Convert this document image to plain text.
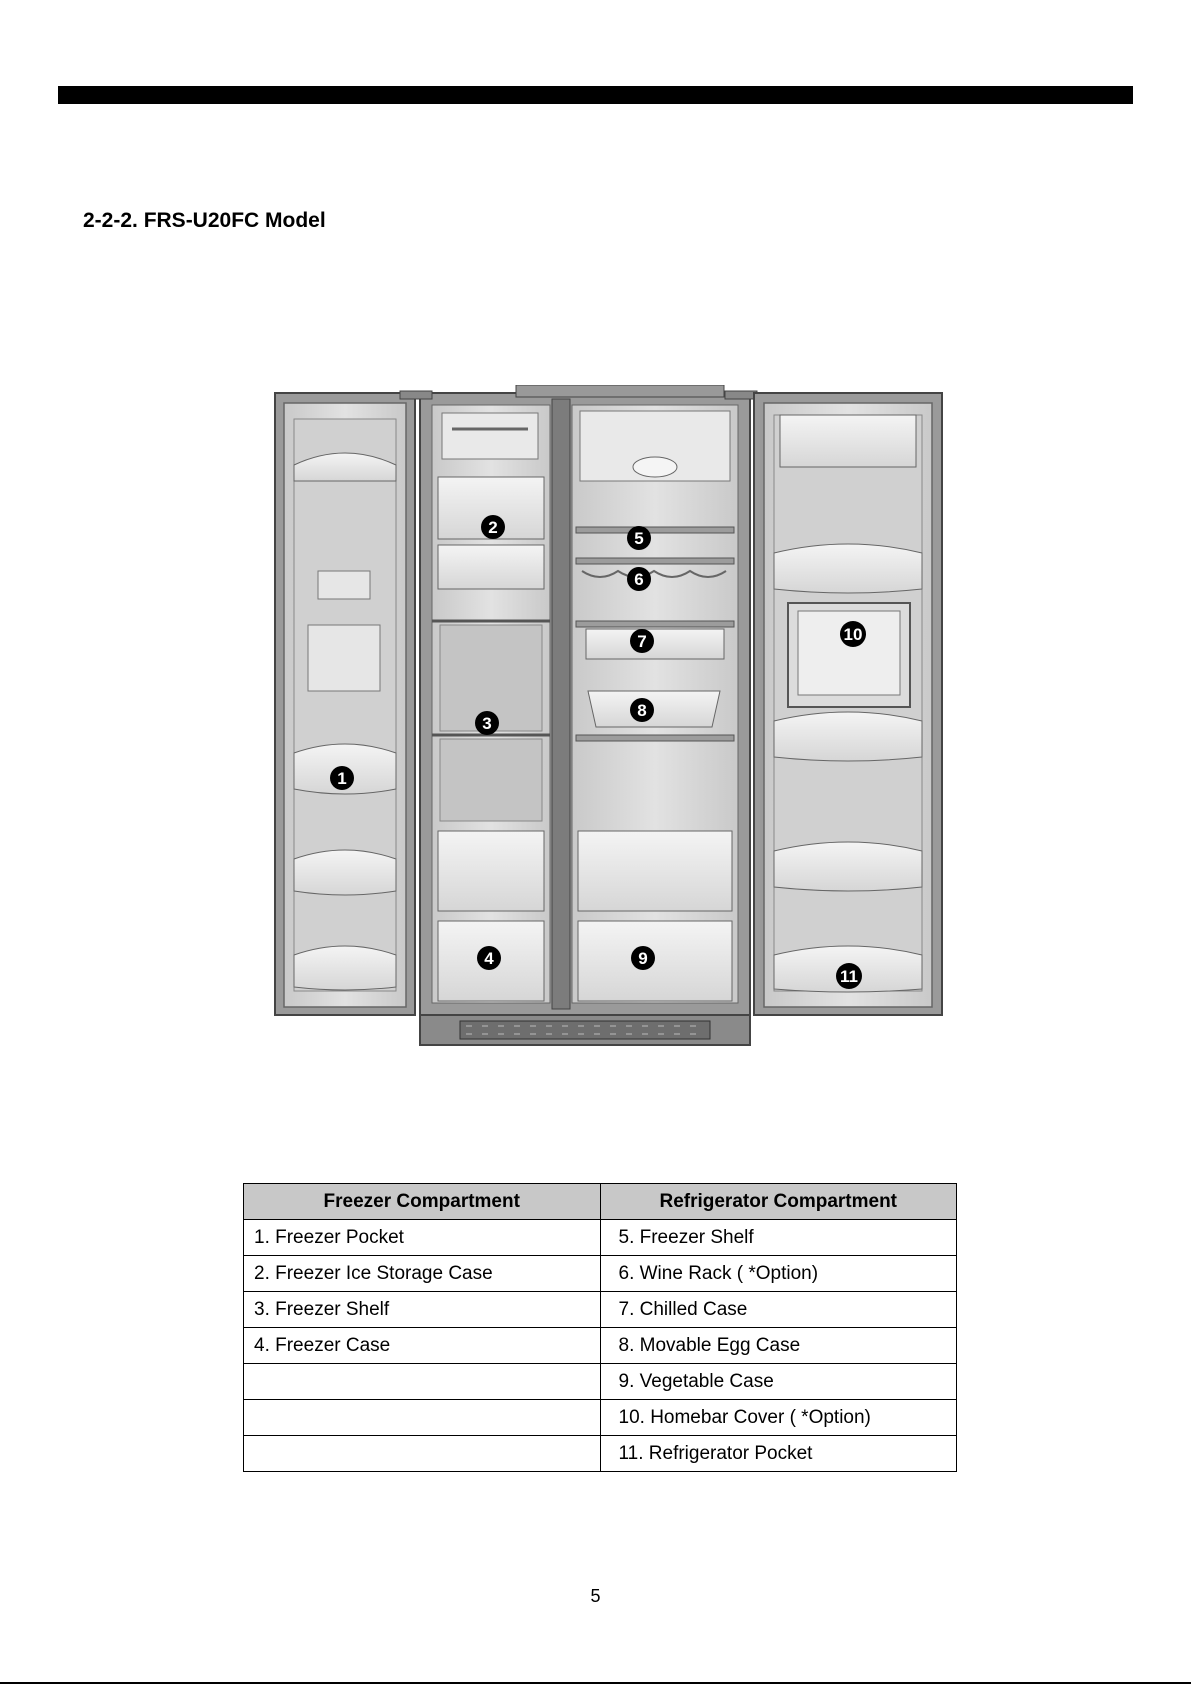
2-2-2. FRS-U20FC Model
1
2
3
4
5
6
7
8
9
10
11
Freezer Compartment	Refrigerator Compartment
1. Freezer Pocket	5. Freezer Shelf
2. Freezer Ice Storage Case	6. Wine Rack ( *Option)
3. Freezer Shelf	7. Chilled Case
4. Freezer Case	8. Movable Egg Case
	9. Vegetable Case
	10. Homebar Cover ( *Option)
	11. Refrigerator Pocket
5
